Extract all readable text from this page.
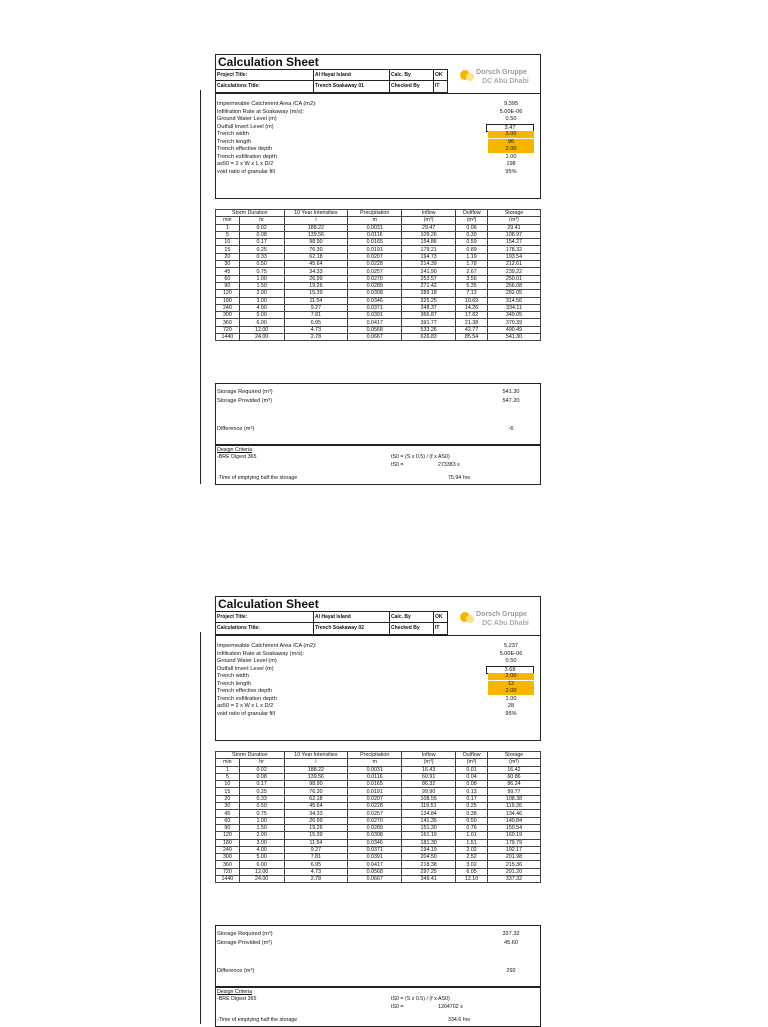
Calculation Sheet
Project Title:	Al Hayat Island	Calc. By	OK
Calculations Title:	Trench Soakaway 01	Checked By	IT
Dorsch Gruppe
DC Abu Dhabi
Impermeable Catchment Area /CA (m2):	9,395
Infiltration Rate at Soakaway (m/s):	5.00E-06
Ground Water Level (m)	0.50
Outfall Invert Level (m)	3.47
Trench width	3.00
Trench length	96
Trench effective depth	2.00
Trench exfiltration depth	1.00
as50 = 2 x W x L x D/2	198
void ratio of granular fill	95%
Storm Duration		10 Year Intensities	Precipitation	Inflow	Outflow	Storage
min	hr	i	m	(m³)	(m³)	(m³)
1	0.02	188.22	0.0031	29.47	0.06	29.41
5	0.08	139.56	0.0116	109.26	0.30	108.97
10	0.17	98.90	0.0165	154.86	0.59	154.27
15	0.25	76.30	0.0191	179.21	0.89	178.32
20	0.33	62.18	0.0207	194.73	1.19	193.54
30	0.50	45.64	0.0228	214.39	1.78	212.61
45	0.75	34.33	0.0257	241.90	2.67	239.22
60	1.00	26.99	0.0270	253.57	3.56	250.01
90	1.50	19.26	0.0289	271.42	5.35	266.08
120	2.00	15.39	0.0308	289.18	7.13	282.05
180	3.00	11.54	0.0346	325.25	10.69	314.56
240	4.00	9.27	0.0371	348.37	14.26	334.11
300	5.00	7.81	0.0391	366.87	17.82	349.05
360	6.00	6.95	0.0417	391.77	21.38	370.39
720	12.00	4.73	0.0568	533.26	42.77	490.49
1440	24.00	2.78	0.0667	626.83	85.54	541.30
Storage Required (m³)	541.30
Storage Provided (m³)	547.20
Difference (m³)	-6
Design Criteria
-BRE Digest 365	tS0 = (S x 0.5) / (f x AS0)
tS0 =	273383 s
-Time of emptying half the storage	75.94 hrs
Calculation Sheet
Project Title:	Al Hayat Island	Calc. By	OK
Calculations Title:	Trench Soakaway 02	Checked By	IT
Dorsch Gruppe
DC Abu Dhabi
Impermeable Catchment Area /CA (m2):	5,237
Infiltration Rate at Soakaway (m/s):	5.00E-06
Ground Water Level (m)	0.50
Outfall Invert Level (m)	3.68
Trench width	2.00
Trench length	12
Trench effective depth	2.00
Trench exfiltration depth	1.00
as50 = 2 x W x L x D/2	28
void ratio of granular fill	95%
Storm Duration		10 Year Intensities	Precipitation	Inflow	Outflow	Storage
min	hr	i	m	(m³)	(m³)	(m³)
1	0.02	188.22	0.0031	16.43	0.01	16.42
5	0.08	139.56	0.0116	60.91	0.04	60.86
10	0.17	98.90	0.0165	86.32	0.08	86.24
15	0.25	76.30	0.0191	99.90	0.13	99.77
20	0.33	62.18	0.0207	108.55	0.17	108.38
30	0.50	45.64	0.0228	119.51	0.25	119.26
45	0.75	34.33	0.0257	134.84	0.38	134.46
60	1.00	26.99	0.0270	141.35	0.50	140.84
90	1.50	19.26	0.0289	151.30	0.76	150.54
120	2.00	15.39	0.0308	161.19	1.01	160.19
180	3.00	11.54	0.0346	181.30	1.51	179.79
240	4.00	9.27	0.0371	194.19	2.02	192.17
300	5.00	7.81	0.0391	204.50	2.52	201.98
360	6.00	6.95	0.0417	218.38	3.02	215.36
720	12.00	4.73	0.0568	297.25	6.05	291.20
1440	24.00	2.78	0.0667	349.41	12.10	337.32
Storage Required (m³)	337.32
Storage Provided (m³)	45.60
Difference (m³)	292
Design Criteria
-BRE Digest 365	tS0 = (S x 0.5) / (f x AS0)
tS0 =	1204702 s
-Time of emptying half the storage	334.6 hrs
